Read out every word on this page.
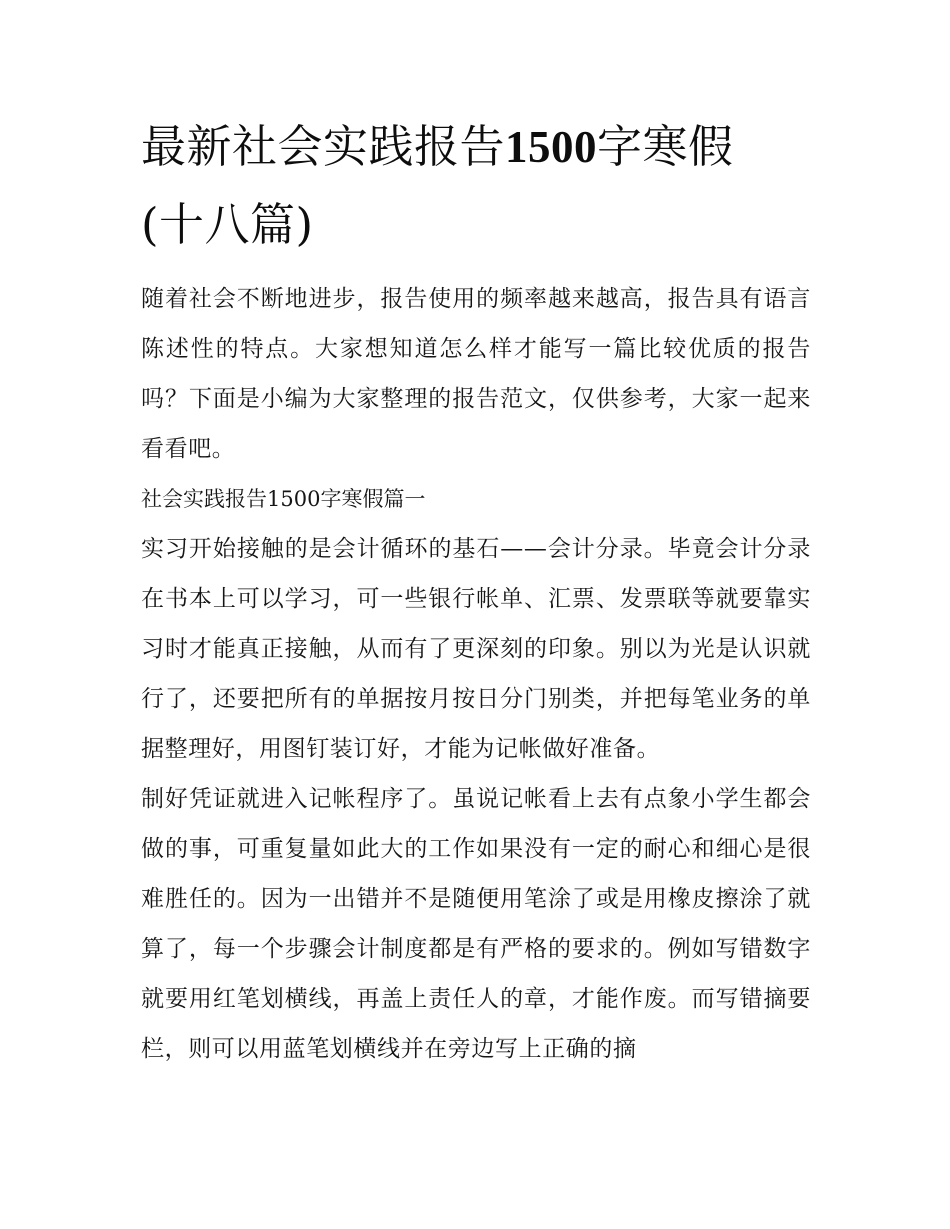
最新社会实践报告1500字寒假
(十八篇)

随着社会不断地进步，报告使用的频率越来越高，报告具有语言陈述性的特点。大家想知道怎么样才能写一篇比较优质的报告吗？下面是小编为大家整理的报告范文，仅供参考，大家一起来看看吧。

社会实践报告1500字寒假篇一

实习开始接触的是会计循环的基石——会计分录。毕竟会计分录在书本上可以学习，可一些银行帐单、汇票、发票联等就要靠实习时才能真正接触，从而有了更深刻的印象。别以为光是认识就行了，还要把所有的单据按月按日分门别类，并把每笔业务的单据整理好，用图钉装订好，才能为记帐做好准备。

制好凭证就进入记帐程序了。虽说记帐看上去有点象小学生都会做的事，可重复量如此大的工作如果没有一定的耐心和细心是很难胜任的。因为一出错并不是随便用笔涂了或是用橡皮擦涂了就算了，每一个步骤会计制度都是有严格的要求的。例如写错数字就要用红笔划横线，再盖上责任人的章，才能作废。而写错摘要栏，则可以用蓝笔划横线并在旁边写上正确的摘
